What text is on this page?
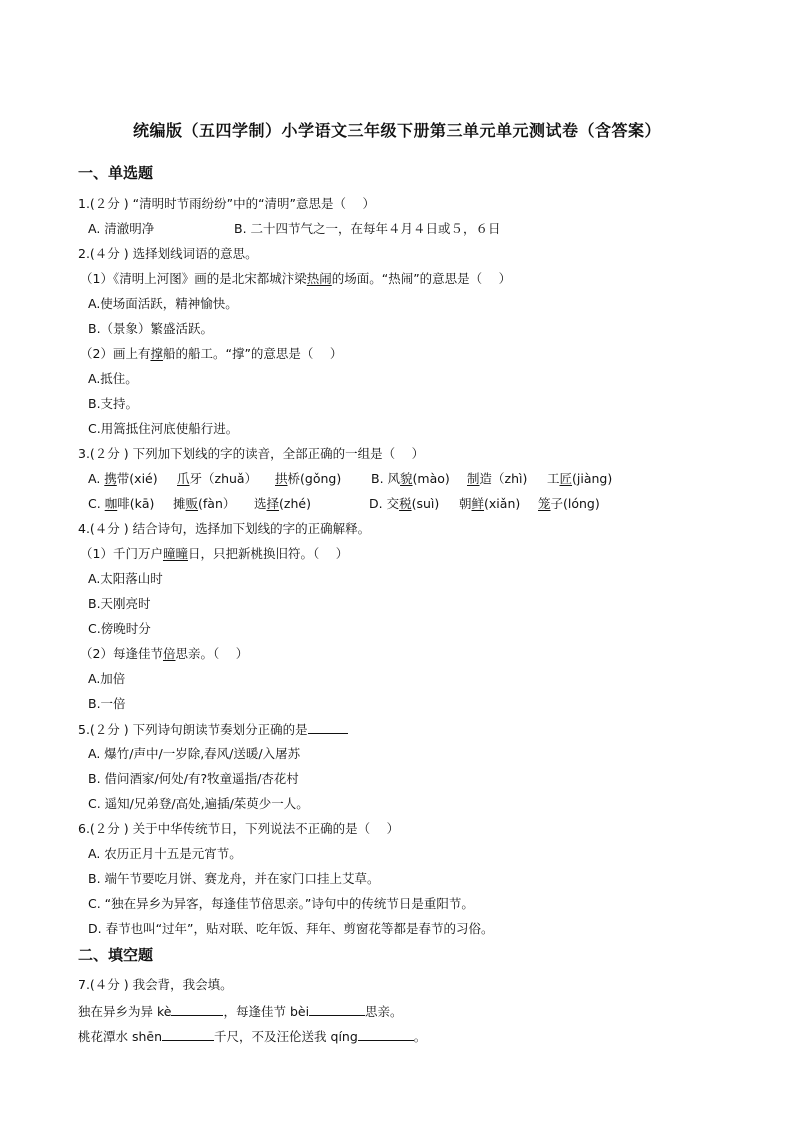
统编版（五四学制）小学语文三年级下册第三单元单元测试卷（含答案）
一、单选题
1.(２分 ) “清明时节雨纷纷”中的“清明”意思是（　 ）
A. 清澈明净	B. 二十四节气之一，在每年４月４日或５，６日
2.(４分 ) 选择划线词语的意思。
（1）《清明上河图》画的是北宋都城汴梁热闹的场面。“热闹”的意思是（　 ）
A.使场面活跃，精神愉快。
B.（景象）繁盛活跃。
（2）画上有撑船的船工。“撑”的意思是（　 ）
A.抵住。
B.支持。
C.用篙抵住河底使船行进。
3.(２分 ) 下列加下划线的字的读音，全部正确的一组是（　 ）
A. 携带(xié) 爪牙（zhuǎ） 拱桥(gǒng) B. 风貌(mào) 制造（zhì) 工匠(jiàng)
C. 咖啡(kā) 摊贩(fàn） 选择(zhé)	D. 交税(suì) 朝鲜(xiǎn) 笼子(lóng)
4.(４分 ) 结合诗句，选择加下划线的字的正确解释。
（1）千门万户曈曈日，只把新桃换旧符。（　 ）
A.太阳落山时
B.天刚亮时
C.傍晚时分
（2）每逢佳节倍思亲。（　 ）
A.加倍
B.一倍
5.(２分 ) 下列诗句朗读节奏划分正确的是
A. 爆竹/声中/一岁除,春风/送暖/入屠苏
B. 借问酒家/何处/有?牧童遥指/杏花村
C. 遥知/兄弟登/高处,遍插/茱萸少一人。
6.(２分 ) 关于中华传统节日，下列说法不正确的是（　 ）
A. 农历正月十五是元宵节。
B. 端午节要吃月饼、赛龙舟，并在家门口挂上艾草。
C. “独在异乡为异客，每逢佳节倍思亲。”诗句中的传统节日是重阳节。
D. 春节也叫“过年”，贴对联、吃年饭、拜年、剪窗花等都是春节的习俗。
二、填空题
7.(４分 ) 我会背，我会填。
独在异乡为异 kè	，每逢佳节 bèi	思亲。
桃花潭水 shēn	千尺，不及汪伦送我 qíng	。
